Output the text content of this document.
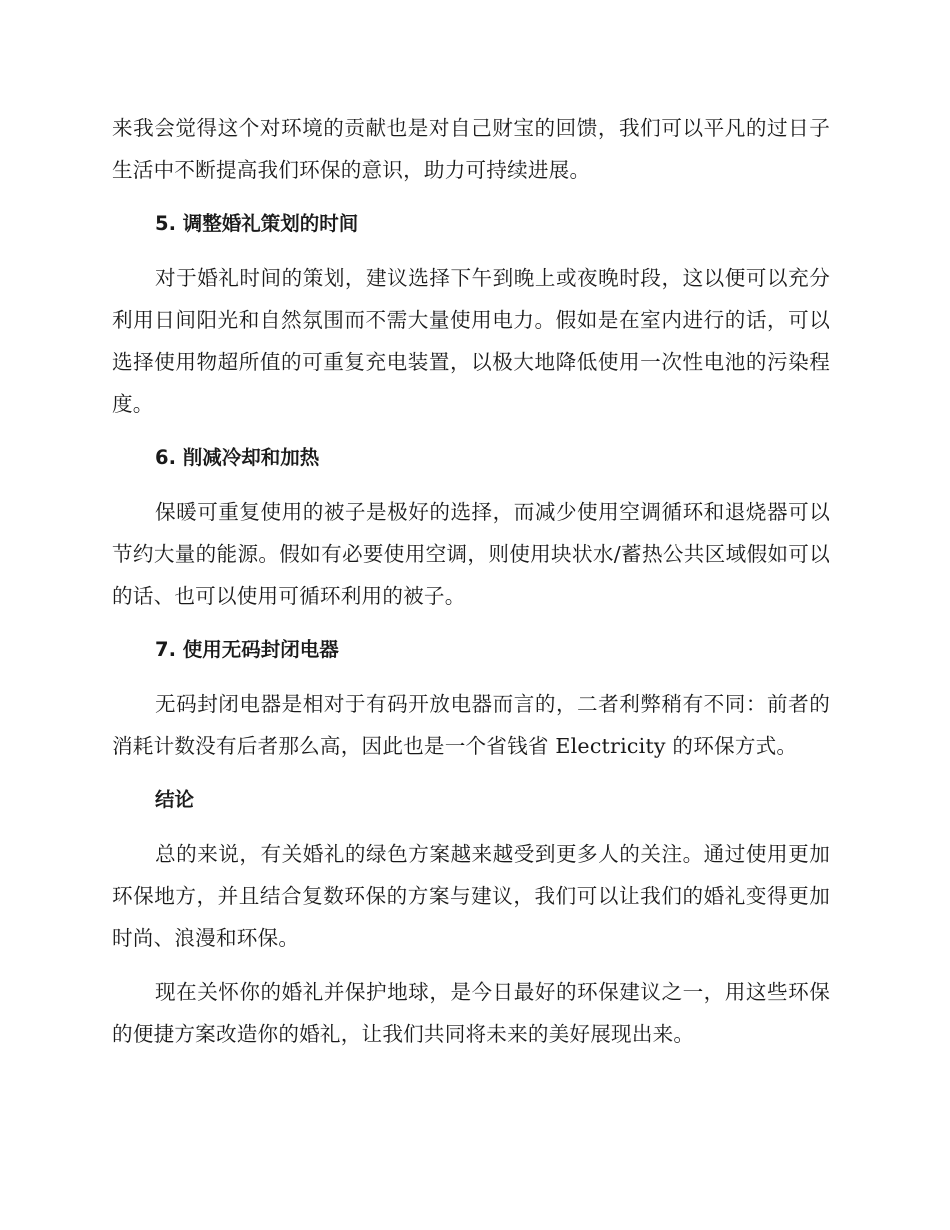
来我会觉得这个对环境的贡献也是对自己财宝的回馈，我们可以平凡的过日子生活中不断提高我们环保的意识，助力可持续进展。

5. 调整婚礼策划的时间

对于婚礼时间的策划，建议选择下午到晚上或夜晚时段，这以便可以充分利用日间阳光和自然氛围而不需大量使用电力。假如是在室内进行的话，可以选择使用物超所值的可重复充电装置，以极大地降低使用一次性电池的污染程度。

6. 削减冷却和加热

保暖可重复使用的被子是极好的选择，而减少使用空调循环和退烧器可以节约大量的能源。假如有必要使用空调，则使用块状水/蓄热公共区域假如可以的话、也可以使用可循环利用的被子。

7. 使用无码封闭电器

无码封闭电器是相对于有码开放电器而言的，二者利弊稍有不同：前者的消耗计数没有后者那么高，因此也是一个省钱省 Electricity 的环保方式。

结论

总的来说，有关婚礼的绿色方案越来越受到更多人的关注。通过使用更加环保地方，并且结合复数环保的方案与建议，我们可以让我们的婚礼变得更加时尚、浪漫和环保。

现在关怀你的婚礼并保护地球，是今日最好的环保建议之一，用这些环保的便捷方案改造你的婚礼，让我们共同将未来的美好展现出来。
